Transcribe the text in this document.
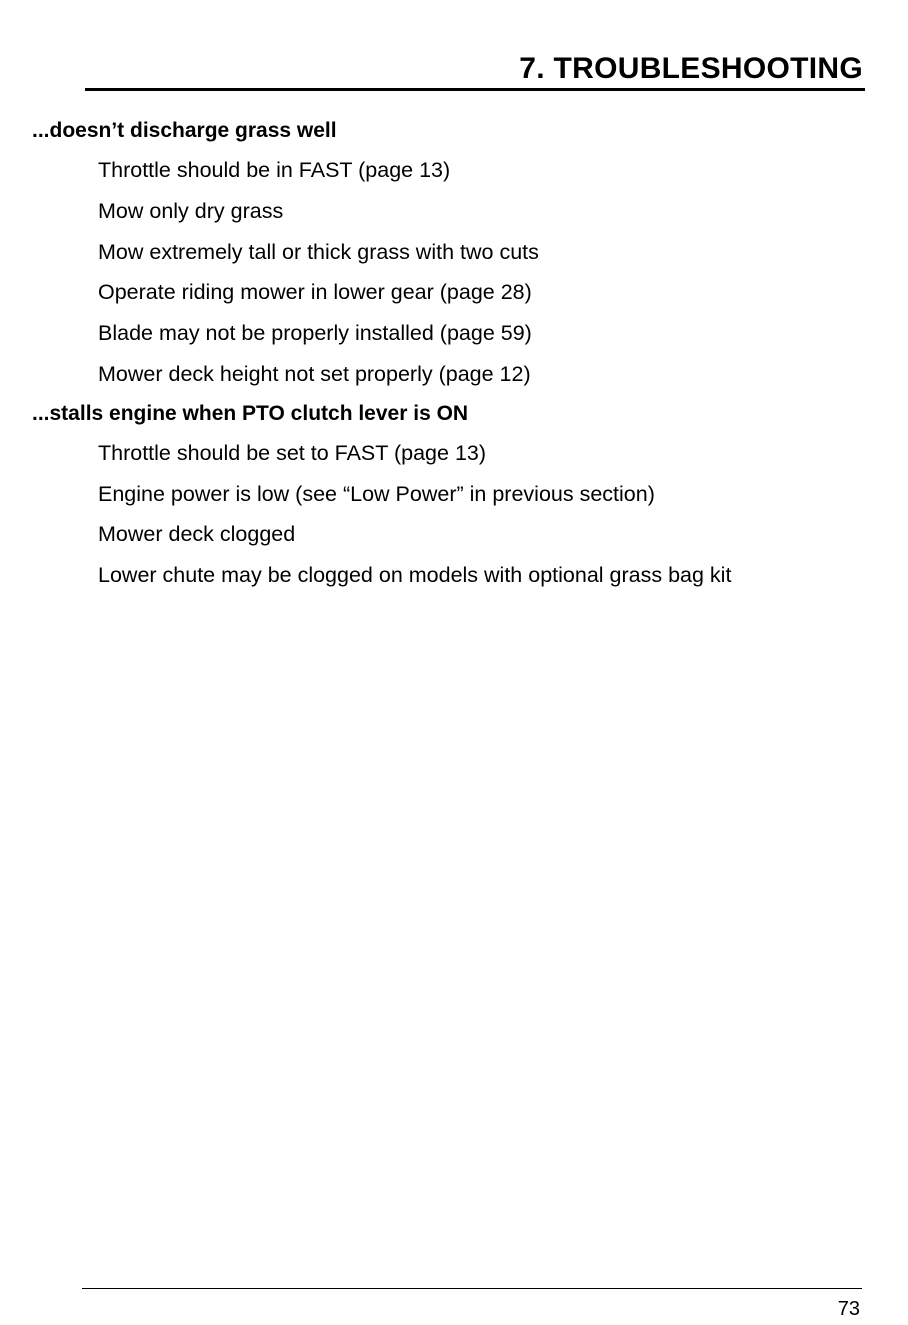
7. TROUBLESHOOTING
...doesn’t discharge grass well
Throttle should be in FAST (page 13)
Mow only dry grass
Mow extremely tall or thick grass with two cuts
Operate riding mower in lower gear (page 28)
Blade may not be properly installed (page 59)
Mower deck height not set properly (page 12)
...stalls engine when PTO clutch lever is ON
Throttle should be set to FAST (page 13)
Engine power is low (see “Low Power” in previous section)
Mower deck clogged
Lower chute may be clogged on models with optional grass bag kit
73
